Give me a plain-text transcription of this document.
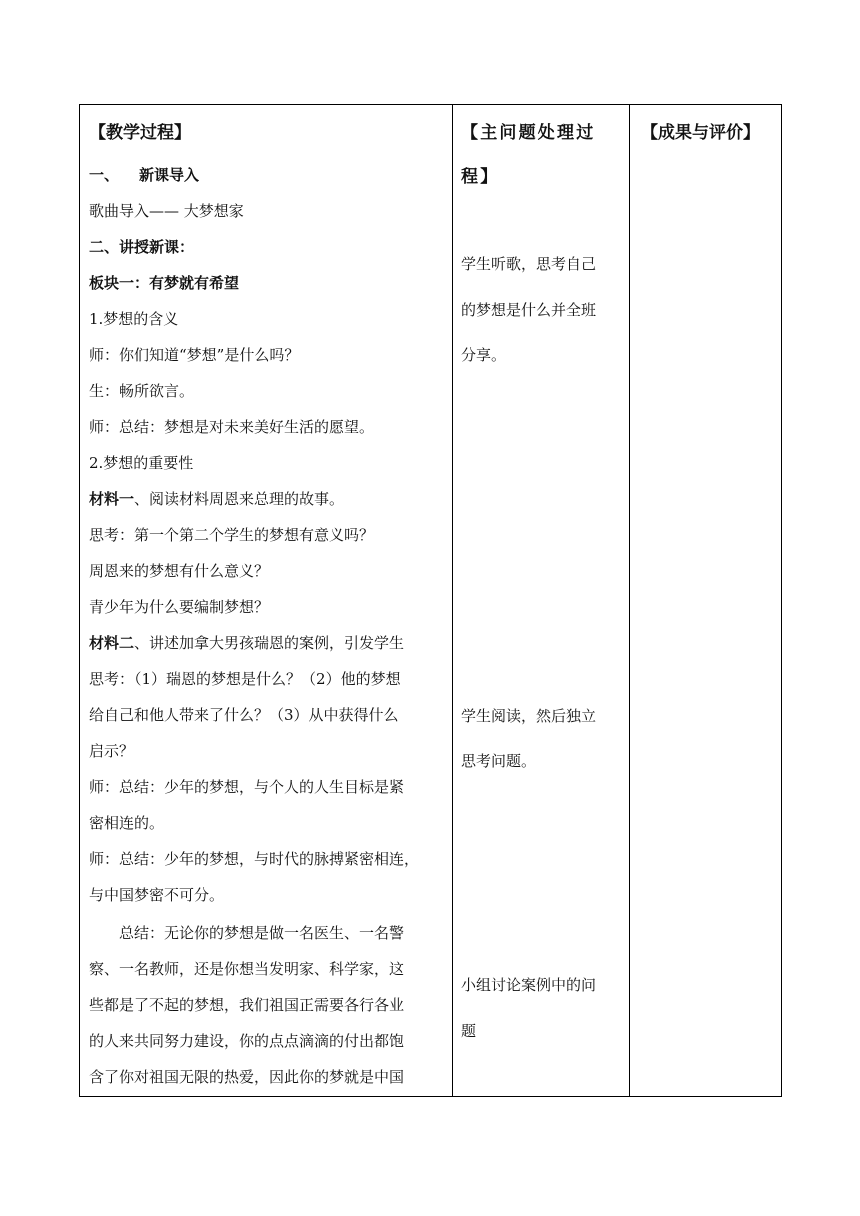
【教学过程】
一、 新课导入
歌曲导入—— 大梦想家
二、讲授新课：
板块一：有梦就有希望
1.梦想的含义
师：你们知道“梦想”是什么吗？
生：畅所欲言。
师：总结：梦想是对未来美好生活的愿望。
2.梦想的重要性
材料一、阅读材料周恩来总理的故事。
思考：第一个第二个学生的梦想有意义吗？
周恩来的梦想有什么意义？
青少年为什么要编制梦想？
材料二、讲述加拿大男孩瑞恩的案例，引发学生
思考：（1）瑞恩的梦想是什么？（2）他的梦想
给自己和他人带来了什么？（3）从中获得什么
启示？
师：总结：少年的梦想，与个人的人生目标是紧
密相连的。
师：总结：少年的梦想，与时代的脉搏紧密相连，
与中国梦密不可分。
总结：无论你的梦想是做一名医生、一名警
察、一名教师，还是你想当发明家、科学家，这
些都是了不起的梦想，我们祖国正需要各行各业
的人来共同努力建设，你的点点滴滴的付出都饱
含了你对祖国无限的热爱，因此你的梦就是中国
【主问题处理过
程】
学生听歌，思考自己
的梦想是什么并全班
分享。
学生阅读，然后独立
思考问题。
小组讨论案例中的问
题
【成果与评价】
